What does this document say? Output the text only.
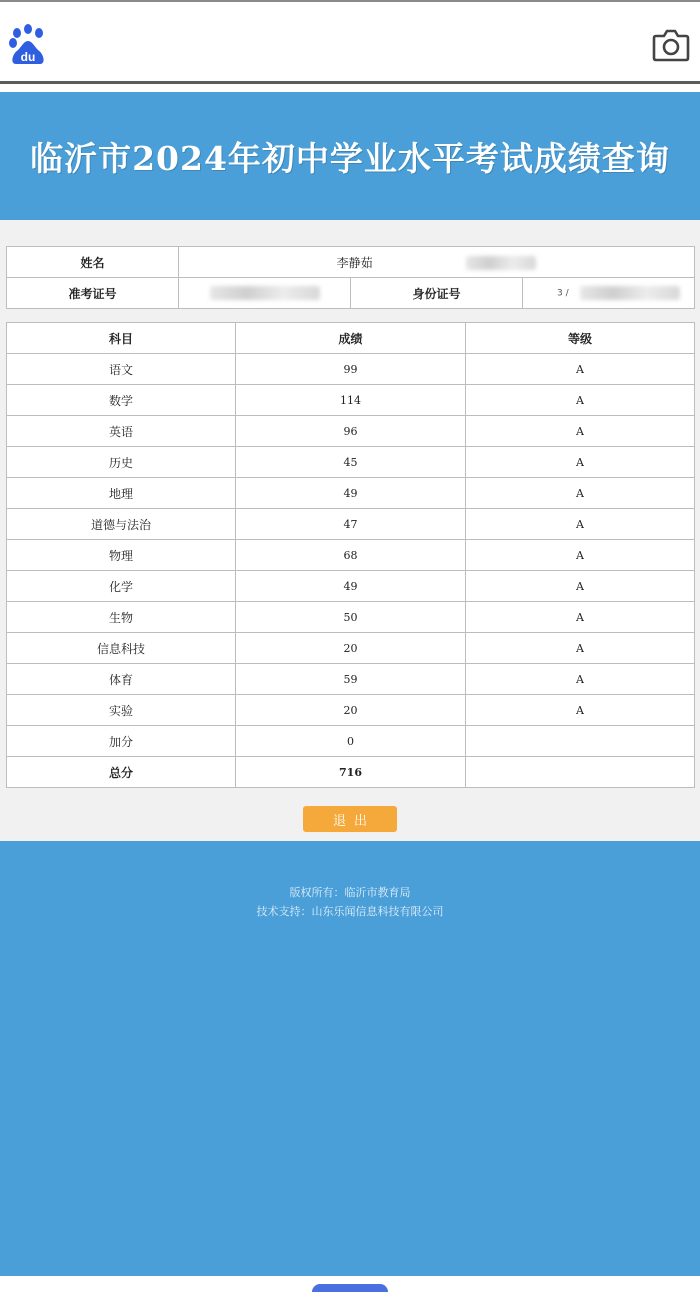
du
临沂市2024年初中学业水平考试成绩查询
姓名	李静茹		
准考证号		身份证号	3 /
科目	成绩	等级
语文	99	A
数学	114	A
英语	96	A
历史	45	A
地理	49	A
道德与法治	47	A
物理	68	A
化学	49	A
生物	50	A
信息科技	20	A
体育	59	A
实验	20	A
加分	0	
总分	716	
退出
版权所有：临沂市教育局
技术支持：山东乐闻信息科技有限公司
